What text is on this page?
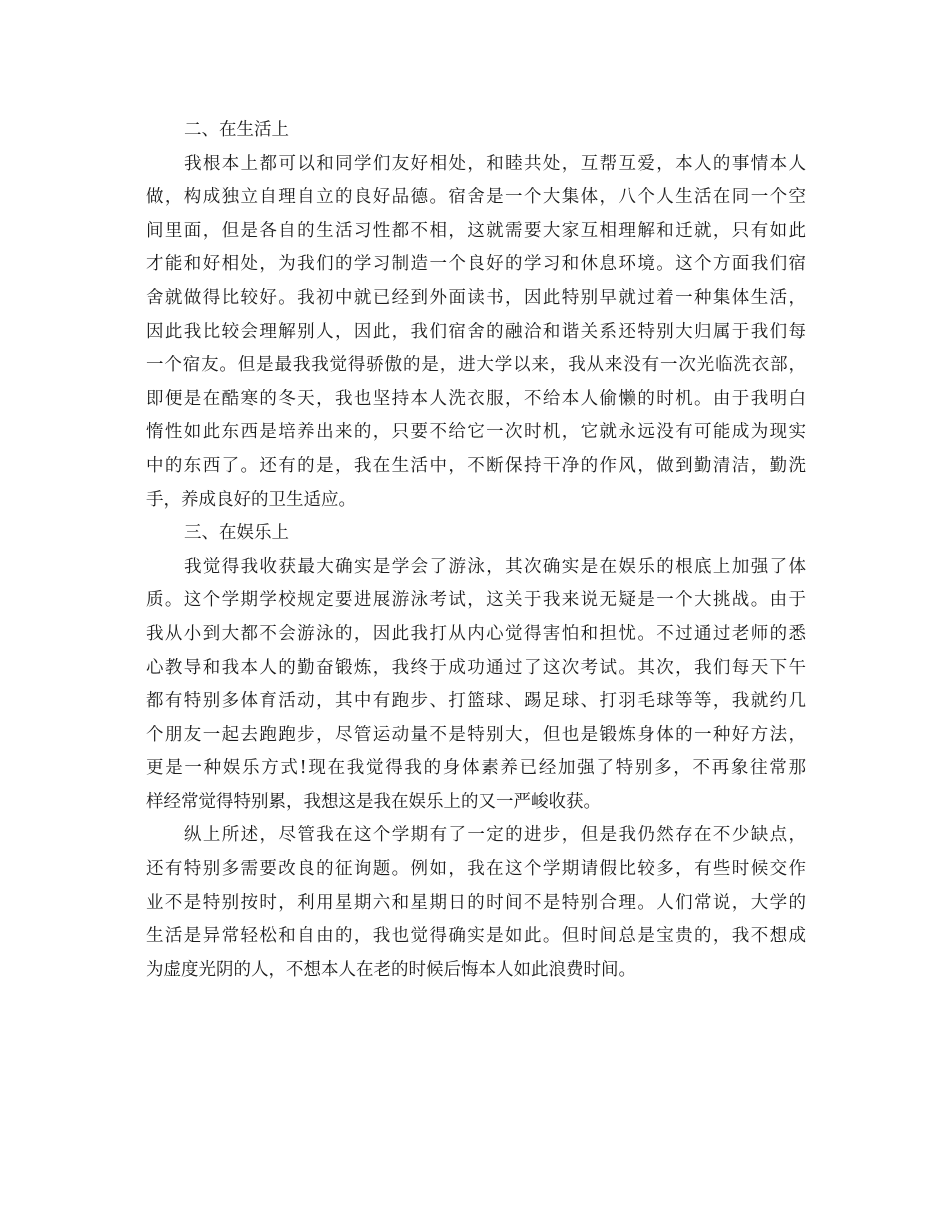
二、在生活上
我根本上都可以和同学们友好相处，和睦共处，互帮互爱，本人的事情本人
做，构成独立自理自立的良好品德。宿舍是一个大集体，八个人生活在同一个空
间里面，但是各自的生活习性都不相，这就需要大家互相理解和迁就，只有如此
才能和好相处，为我们的学习制造一个良好的学习和休息环境。这个方面我们宿
舍就做得比较好。我初中就已经到外面读书，因此特别早就过着一种集体生活，
因此我比较会理解别人，因此，我们宿舍的融洽和谐关系还特别大归属于我们每
一个宿友。但是最我我觉得骄傲的是，进大学以来，我从来没有一次光临洗衣部，
即便是在酷寒的冬天，我也坚持本人洗衣服，不给本人偷懒的时机。由于我明白
惰性如此东西是培养出来的，只要不给它一次时机，它就永远没有可能成为现实
中的东西了。还有的是，我在生活中，不断保持干净的作风，做到勤清洁，勤洗
手，养成良好的卫生适应。
三、在娱乐上
我觉得我收获最大确实是学会了游泳，其次确实是在娱乐的根底上加强了体
质。这个学期学校规定要进展游泳考试，这关于我来说无疑是一个大挑战。由于
我从小到大都不会游泳的，因此我打从内心觉得害怕和担忧。不过通过老师的悉
心教导和我本人的勤奋锻炼，我终于成功通过了这次考试。其次，我们每天下午
都有特别多体育活动，其中有跑步、打篮球、踢足球、打羽毛球等等，我就约几
个朋友一起去跑跑步，尽管运动量不是特别大，但也是锻炼身体的一种好方法，
更是一种娱乐方式!现在我觉得我的身体素养已经加强了特别多，不再象往常那
样经常觉得特别累，我想这是我在娱乐上的又一严峻收获。
纵上所述，尽管我在这个学期有了一定的进步，但是我仍然存在不少缺点，
还有特别多需要改良的征询题。例如，我在这个学期请假比较多，有些时候交作
业不是特别按时，利用星期六和星期日的时间不是特别合理。人们常说，大学的
生活是异常轻松和自由的，我也觉得确实是如此。但时间总是宝贵的，我不想成
为虚度光阴的人，不想本人在老的时候后悔本人如此浪费时间。
